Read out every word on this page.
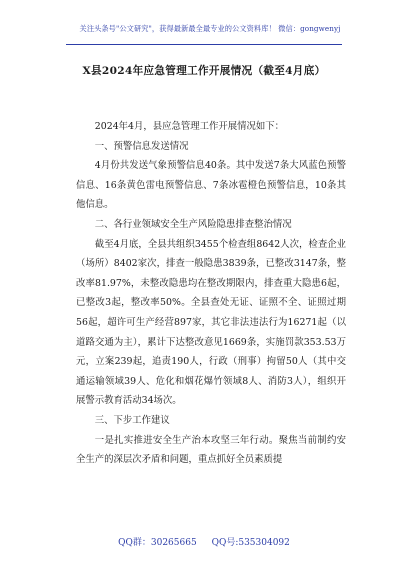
关注头条号"公文研究"，获得最新最全最专业的公文资料库！ 微信：gongwenyj
X县2024年应急管理工作开展情况（截至4月底）

2024年4月，县应急管理工作开展情况如下：

一、预警信息发送情况

4月份共发送气象预警信息40条。其中发送7条大风蓝色预警信息、16条黄色雷电预警信息、7条冰雹橙色预警信息，10条其他信息。

二、各行业领域安全生产风险隐患排查整治情况

截至4月底，全县共组织3455个检查组8642人次，检查企业（场所）8402家次，排查一般隐患3839条，已整改3147条，整改率81.97%，未整改隐患均在整改期限内，排查重大隐患6起，已整改3起，整改率50%。全县查处无证、证照不全、证照过期56起，超许可生产经营897家，其它非法违法行为16271起（以道路交通为主），累计下达整改意见1669条，实施罚款353.53万元，立案239起，追责190人，行政（刑事）拘留50人（其中交通运输领域39人、危化和烟花爆竹领域8人、消防3人），组织开展警示教育活动34场次。

三、下步工作建议

一是扎实推进安全生产治本攻坚三年行动。聚焦当前制约安全生产的深层次矛盾和问题，重点抓好全员素质提

QQ群：30265665 QQ号:535304092
